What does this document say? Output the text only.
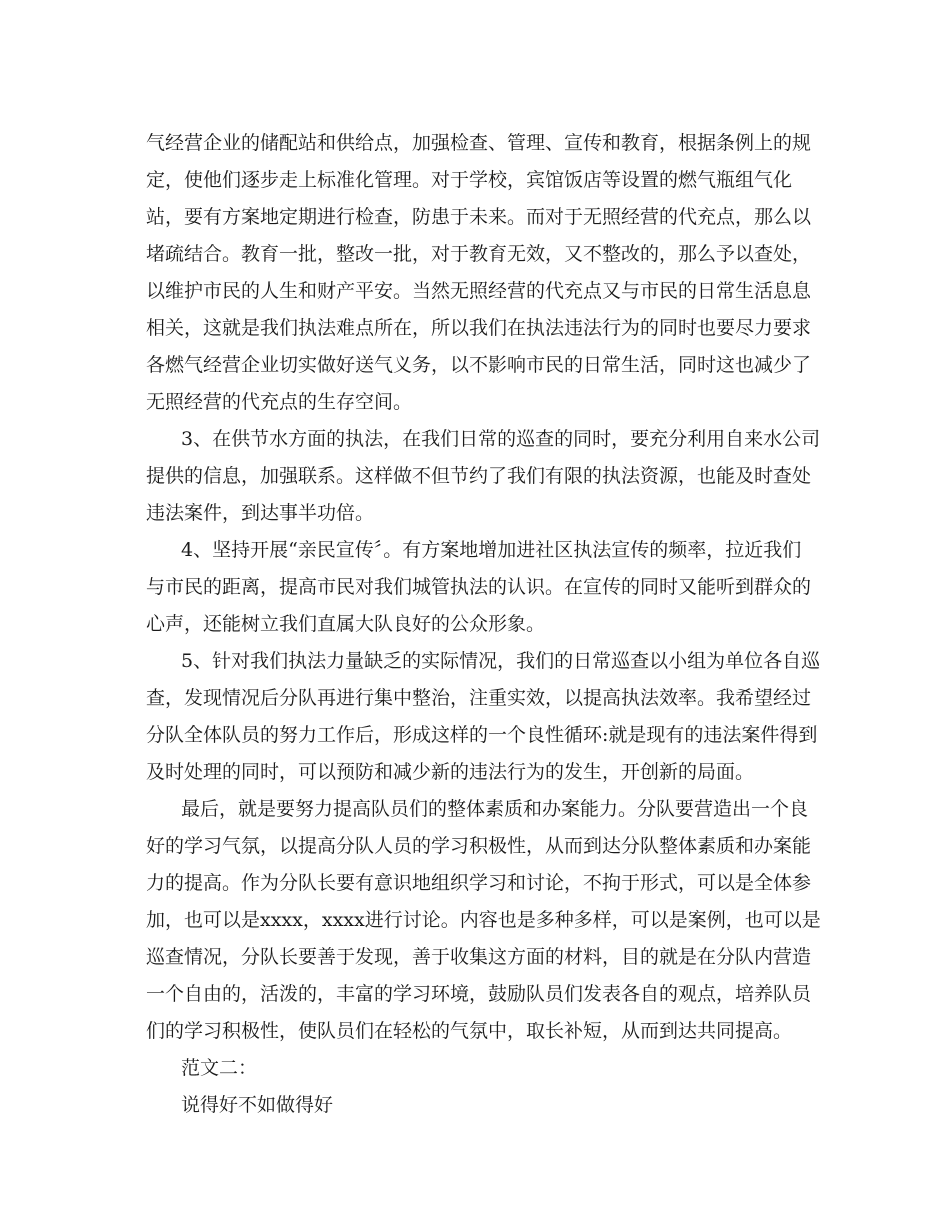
气经营企业的储配站和供给点，加强检查、管理、宣传和教育，根据条例上的规
定，使他们逐步走上标准化管理。对于学校，宾馆饭店等设置的燃气瓶组气化
站，要有方案地定期进行检查，防患于未来。而对于无照经营的代充点，那么以
堵疏结合。教育一批，整改一批，对于教育无效，又不整改的，那么予以查处，
以维护市民的人生和财产平安。当然无照经营的代充点又与市民的日常生活息息
相关，这就是我们执法难点所在，所以我们在执法违法行为的同时也要尽力要求
各燃气经营企业切实做好送气义务，以不影响市民的日常生活，同时这也减少了
无照经营的代充点的生存空间。
3、在供节水方面的执法，在我们日常的巡查的同时，要充分利用自来水公司
提供的信息，加强联系。这样做不但节约了我们有限的执法资源，也能及时查处
违法案件，到达事半功倍。
4、坚持开展“亲民宣传〞。有方案地增加进社区执法宣传的频率，拉近我们
与市民的距离，提高市民对我们城管执法的认识。在宣传的同时又能听到群众的
心声，还能树立我们直属大队良好的公众形象。
5、针对我们执法力量缺乏的实际情况，我们的日常巡查以小组为单位各自巡
查，发现情况后分队再进行集中整治，注重实效，以提高执法效率。我希望经过
分队全体队员的努力工作后，形成这样的一个良性循环:就是现有的违法案件得到
及时处理的同时，可以预防和减少新的违法行为的发生，开创新的局面。
最后，就是要努力提高队员们的整体素质和办案能力。分队要营造出一个良
好的学习气氛，以提高分队人员的学习积极性，从而到达分队整体素质和办案能
力的提高。作为分队长要有意识地组织学习和讨论，不拘于形式，可以是全体参
加，也可以是xxxx，xxxx进行讨论。内容也是多种多样，可以是案例，也可以是
巡查情况，分队长要善于发现，善于收集这方面的材料，目的就是在分队内营造
一个自由的，活泼的，丰富的学习环境，鼓励队员们发表各自的观点，培养队员
们的学习积极性，使队员们在轻松的气氛中，取长补短，从而到达共同提高。
范文二：
说得好不如做得好
